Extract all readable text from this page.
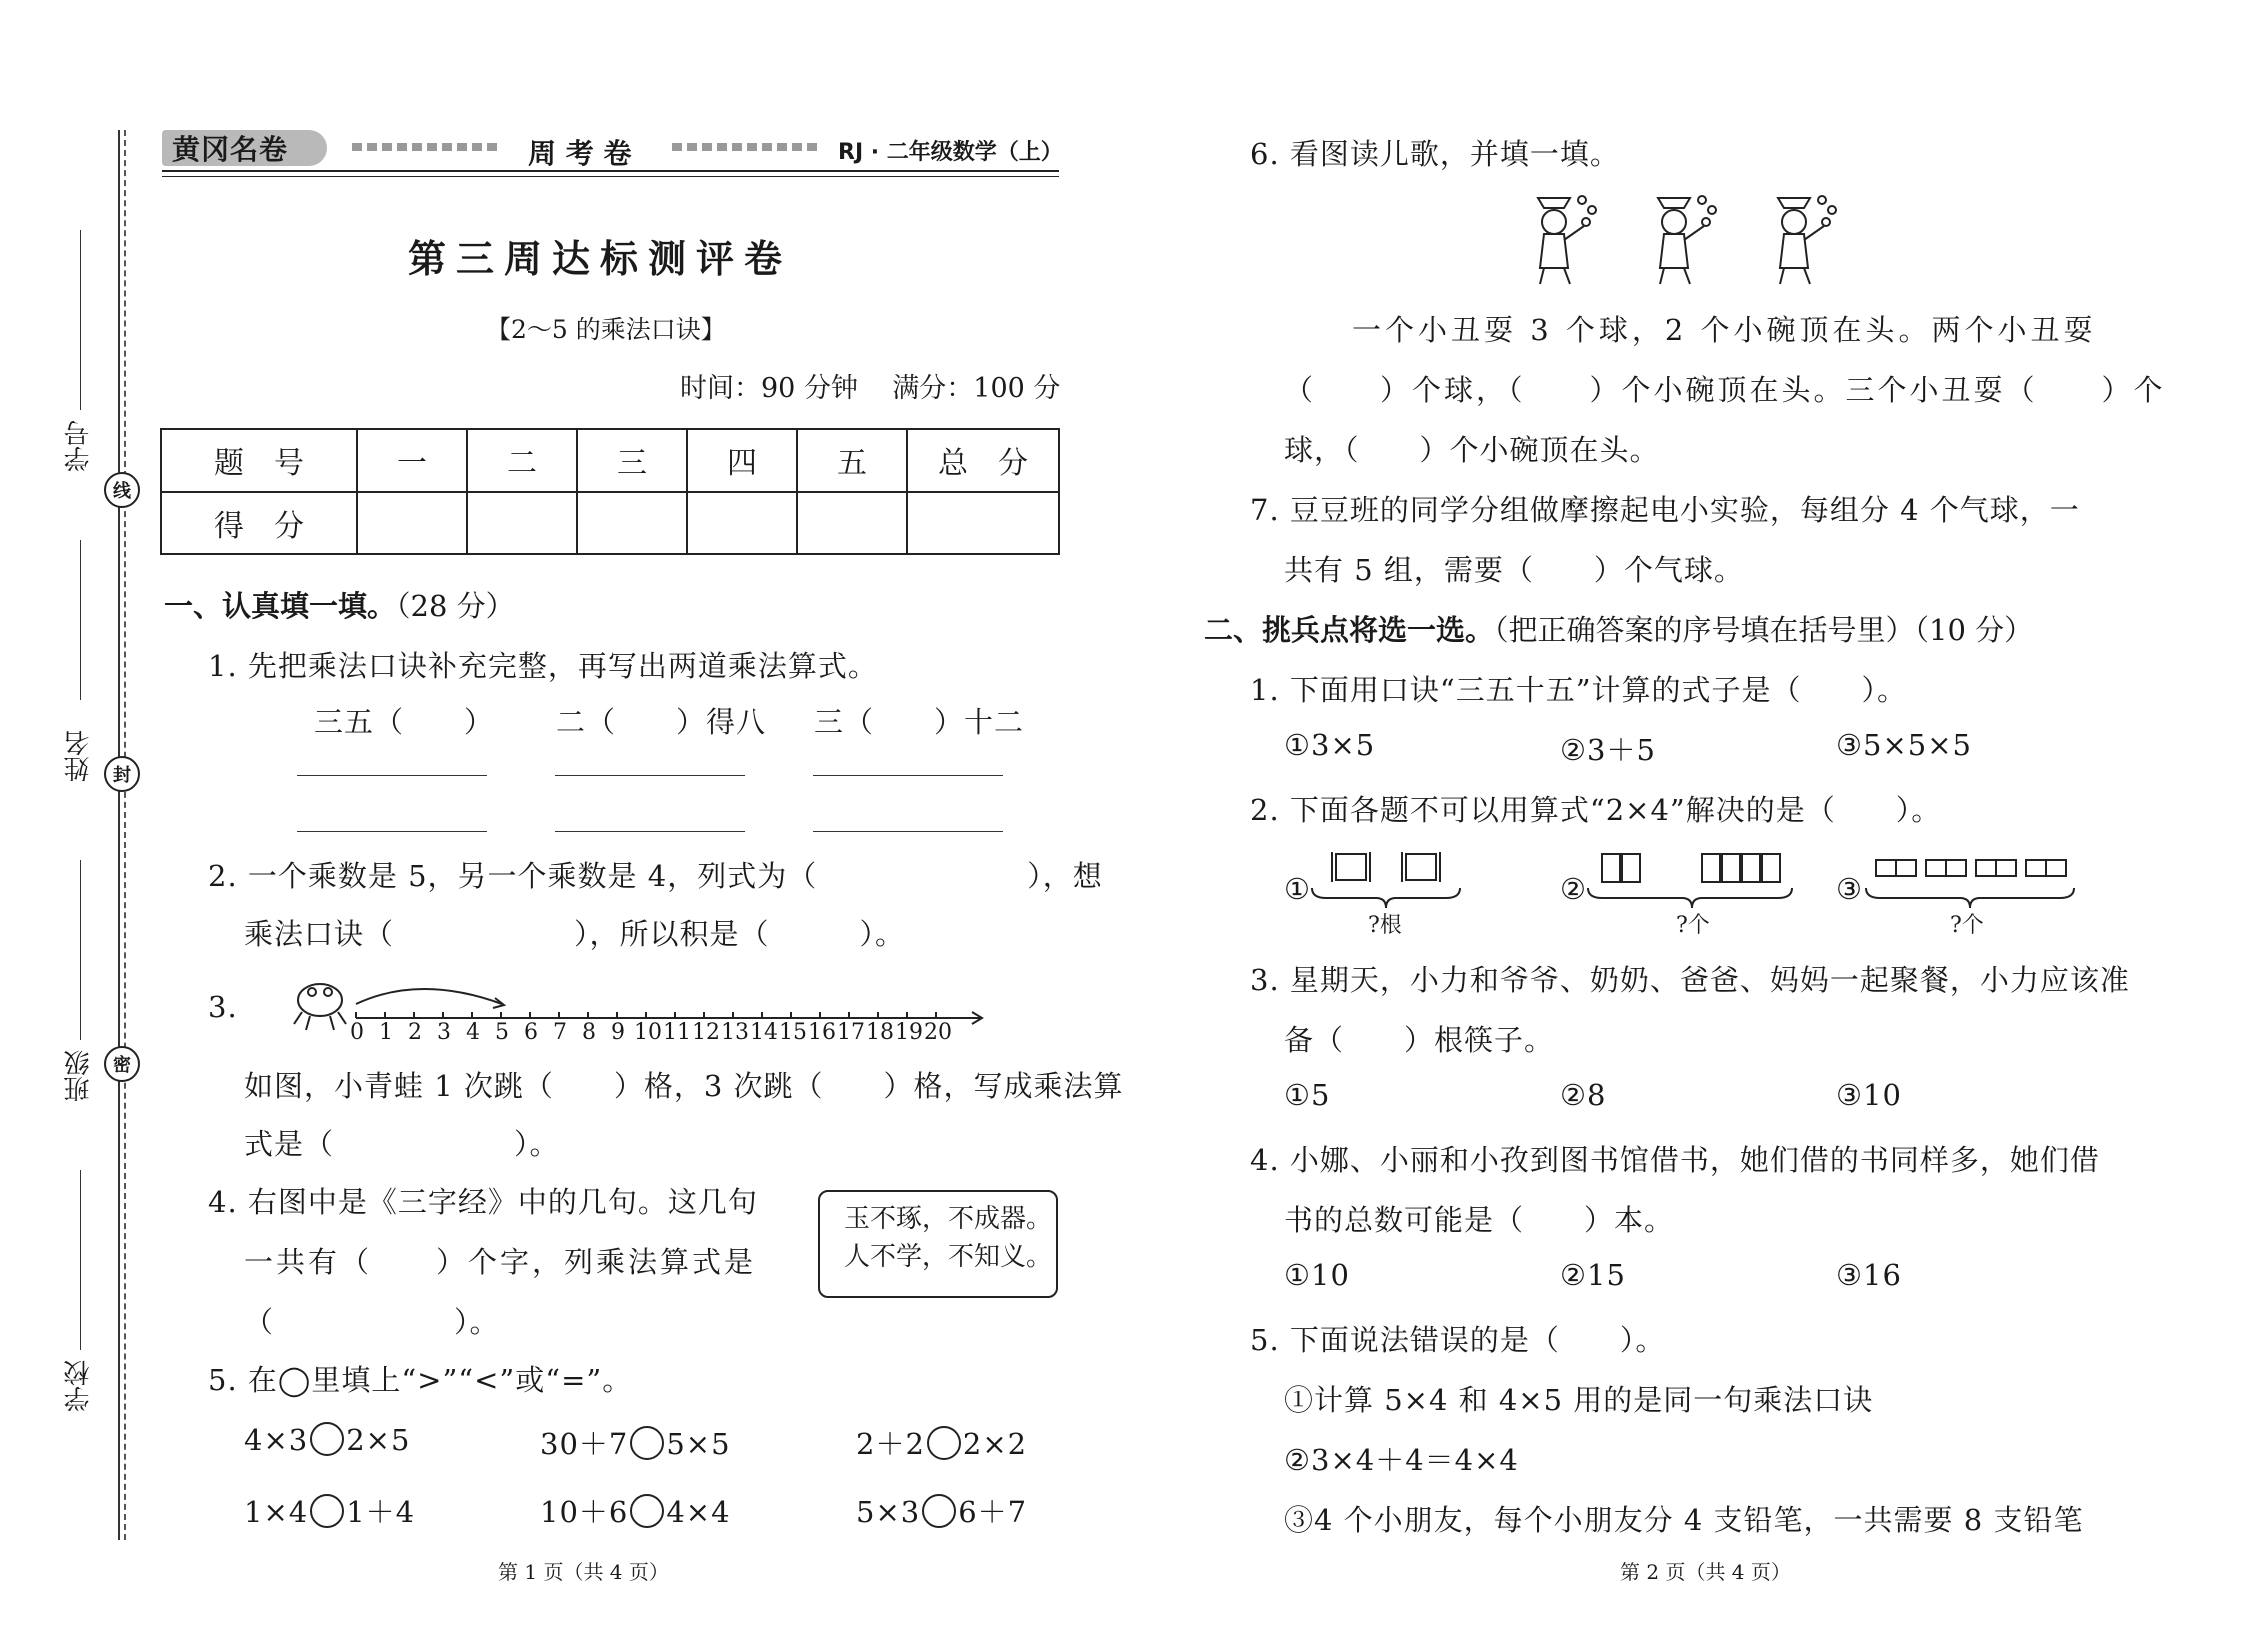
学号
姓名
班级
学校
线
封
密
黄冈名卷	周 考 卷	RJ · 二年级数学（上）
第三周达标测评卷
【2～5 的乘法口诀】
时间：90 分钟    满分：100 分
题　号	一	二	三	四	五	总　分
得　分						
一、认真填一填。（28 分）
1. 先把乘法口诀补充完整，再写出两道乘法算式。
三五（　　） 二（　　）得八 三（　　）十二
2. 一个乘数是 5，另一个乘数是 4，列式为（　　　　　　　），想
乘法口诀（　　　　　　），所以积是（　　　）。
3.
0 1 2 3 4 5 6 7 8 9 10 11 12 13 14 15 16 17 18 19 20
如图，小青蛙 1 次跳（　　）格，3 次跳（　　）格，写成乘法算
式是（　　　　　　）。
4. 右图中是《三字经》中的几句。这几句
一共有（　　）个字，列乘法算式是
（　　　　　　）。
玉不琢，不成器。
人不学，不知义。
5. 在◯里填上“>”“<”或“=”。
4×3 2×5	30＋7 5×5	2＋2 2×2
1×4 1＋4	10＋6 4×4	5×3 6＋7
第 1 页（共 4 页）
6. 看图读儿歌，并填一填。
一个小丑耍 3 个球，2 个小碗顶在头。两个小丑耍
（　　）个球，（　　）个小碗顶在头。三个小丑耍（　　）个
球，（　　）个小碗顶在头。
7. 豆豆班的同学分组做摩擦起电小实验，每组分 4 个气球，一
共有 5 组，需要（　　）个气球。
二、挑兵点将选一选。（把正确答案的序号填在括号里）（10 分）
1. 下面用口诀“三五十五”计算的式子是（　　）。
①3×5	②3＋5	③5×5×5
2. 下面各题不可以用算式“2×4”解决的是（　　）。
①
?根
②
?个
③
?个
3. 星期天，小力和爷爷、奶奶、爸爸、妈妈一起聚餐，小力应该准
备（　　）根筷子。
①5	②8	③10
4. 小娜、小丽和小孜到图书馆借书，她们借的书同样多，她们借
书的总数可能是（　　）本。
①10	②15	③16
5. 下面说法错误的是（　　）。
①计算 5×4 和 4×5 用的是同一句乘法口诀
②3×4＋4＝4×4
③4 个小朋友，每个小朋友分 4 支铅笔，一共需要 8 支铅笔
第 2 页（共 4 页）
